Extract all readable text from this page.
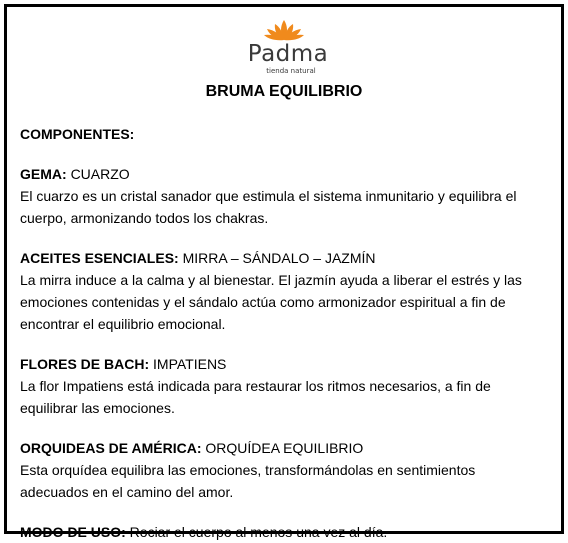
Padma
tienda natural
BRUMA EQUILIBRIO

COMPONENTES:

GEMA: CUARZO

El cuarzo es un cristal sanador que estimula el sistema inmunitario y equilibra el

cuerpo, armonizando todos los chakras.

ACEITES ESENCIALES: MIRRA – SÁNDALO – JAZMÍN

La mirra induce a la calma y al bienestar. El jazmín ayuda a liberar el estrés y las

emociones contenidas y el sándalo actúa como armonizador espiritual a fin de

encontrar el equilibrio emocional.

FLORES DE BACH: IMPATIENS

La flor Impatiens está indicada para restaurar los ritmos necesarios, a fin de

equilibrar las emociones.

ORQUIDEAS DE AMÉRICA: ORQUÍDEA EQUILIBRIO

Esta orquídea equilibra las emociones, transformándolas en sentimientos

adecuados en el camino del amor.

MODO DE USO: Rociar el cuerpo al menos una vez al día.
